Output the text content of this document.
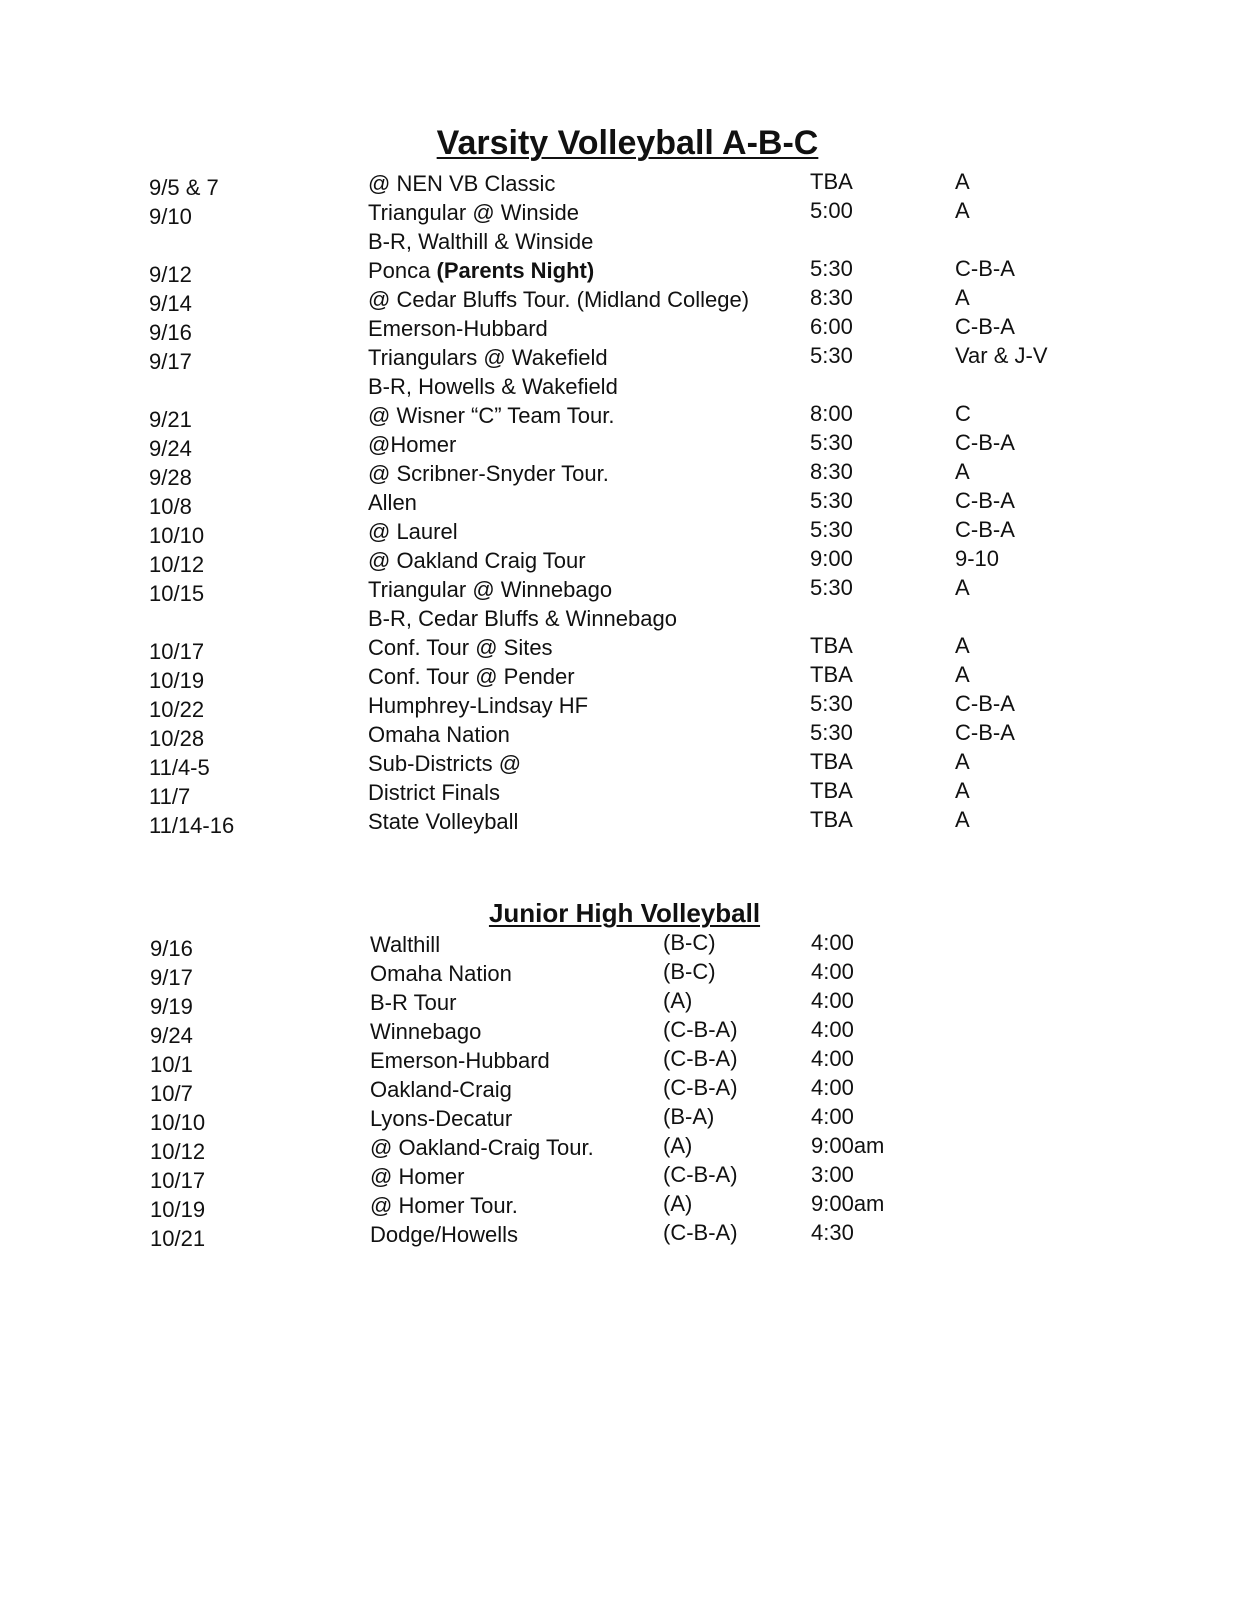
Varsity Volleyball A-B-C
9/5 & 7	@ NEN VB Classic	TBA	A
9/10	Triangular @ Winside	5:00	A
B-R, Walthill & Winside
9/12	Ponca (Parents Night)	5:30	C-B-A
9/14	@ Cedar Bluffs Tour. (Midland College)	8:30	A
9/16	Emerson-Hubbard	6:00	C-B-A
9/17	Triangulars @ Wakefield	5:30	Var & J-V
B-R, Howells & Wakefield
9/21	@ Wisner “C” Team Tour.	8:00	C
9/24	@Homer	5:30	C-B-A
9/28	@ Scribner-Snyder Tour.	8:30	A
10/8	Allen	5:30	C-B-A
10/10	@ Laurel	5:30	C-B-A
10/12	@ Oakland Craig Tour	9:00	9-10
10/15	Triangular @ Winnebago	5:30	A
B-R, Cedar Bluffs & Winnebago
10/17	Conf. Tour @ Sites	TBA	A
10/19	Conf. Tour @ Pender	TBA	A
10/22	Humphrey-Lindsay HF	5:30	C-B-A
10/28	Omaha Nation	5:30	C-B-A
11/4-5	Sub-Districts @	TBA	A
11/7	District Finals	TBA	A
11/14-16	State Volleyball	TBA	A
Junior High Volleyball
9/16	Walthill	(B-C)	4:00
9/17	Omaha Nation	(B-C)	4:00
9/19	B-R Tour	(A)	4:00
9/24	Winnebago	(C-B-A)	4:00
10/1	Emerson-Hubbard	(C-B-A)	4:00
10/7	Oakland-Craig	(C-B-A)	4:00
10/10	Lyons-Decatur	(B-A)	4:00
10/12	@ Oakland-Craig Tour.	(A)	9:00am
10/17	@ Homer	(C-B-A)	3:00
10/19	@ Homer Tour.	(A)	9:00am
10/21	Dodge/Howells	(C-B-A)	4:30
